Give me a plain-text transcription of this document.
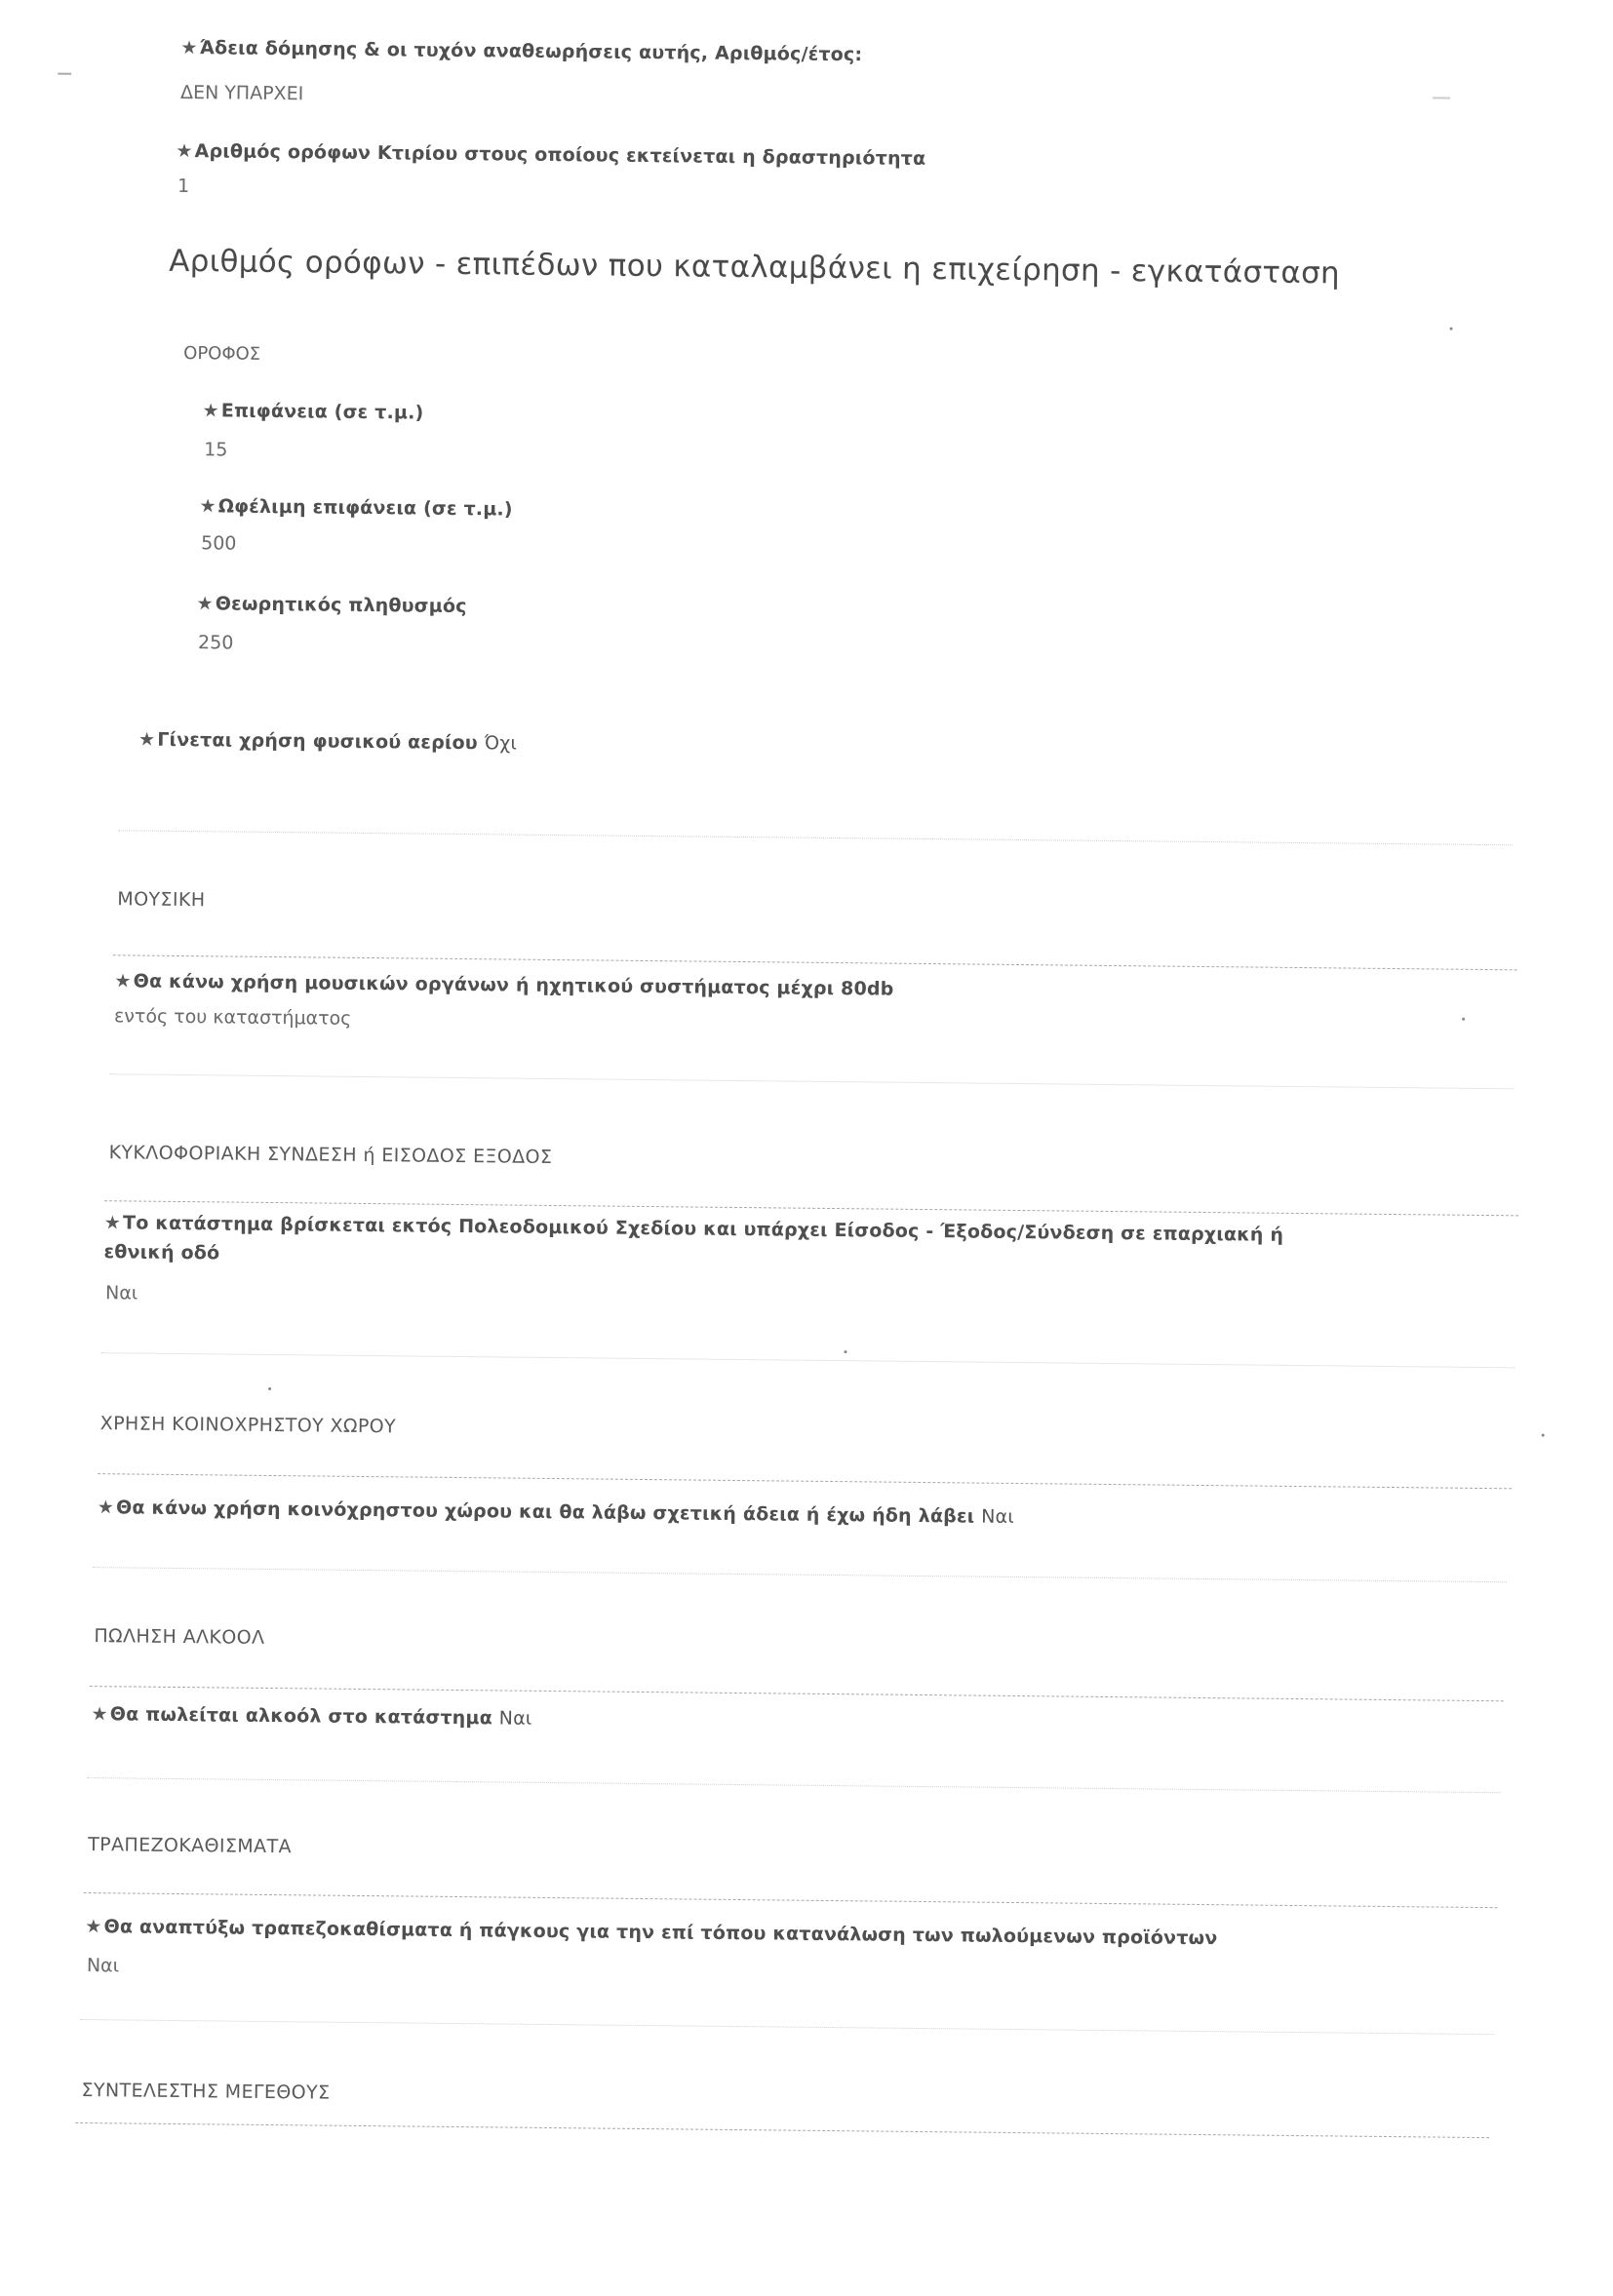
★Άδεια δόμησης & οι τυχόν αναθεωρήσεις αυτής, Αριθμός/έτος:
ΔΕΝ ΥΠΑΡΧΕΙ
★Αριθμός ορόφων Κτιρίου στους οποίους εκτείνεται η δραστηριότητα
1
Αριθμός ορόφων - επιπέδων που καταλαμβάνει η επιχείρηση - εγκατάσταση
ΟΡΟΦΟΣ
★Επιφάνεια (σε τ.μ.)
15
★Ωφέλιμη επιφάνεια (σε τ.μ.)
500
★Θεωρητικός πληθυσμός
250
★Γίνεται χρήση φυσικού αερίου Όχι
ΜΟΥΣΙΚΗ
★Θα κάνω χρήση μουσικών οργάνων ή ηχητικού συστήματος μέχρι 80db
εντός του καταστήματος
ΚΥΚΛΟΦΟΡΙΑΚΗ ΣΥΝΔΕΣΗ ή ΕΙΣΟΔΟΣ ΕΞΟΔΟΣ
★Το κατάστημα βρίσκεται εκτός Πολεοδομικού Σχεδίου και υπάρχει Είσοδος - Έξοδος/Σύνδεση σε επαρχιακή ή
εθνική οδό
Ναι
ΧΡΗΣΗ ΚΟΙΝΟΧΡΗΣΤΟΥ ΧΩΡΟΥ
★Θα κάνω χρήση κοινόχρηστου χώρου και θα λάβω σχετική άδεια ή έχω ήδη λάβει Ναι
ΠΩΛΗΣΗ ΑΛΚΟΟΛ
★Θα πωλείται αλκοόλ στο κατάστημα Ναι
ΤΡΑΠΕΖΟΚΑΘΙΣΜΑΤΑ
★Θα αναπτύξω τραπεζοκαθίσματα ή πάγκους για την επί τόπου κατανάλωση των πωλούμενων προϊόντων
Ναι
ΣΥΝΤΕΛΕΣΤΗΣ ΜΕΓΕΘΟΥΣ
